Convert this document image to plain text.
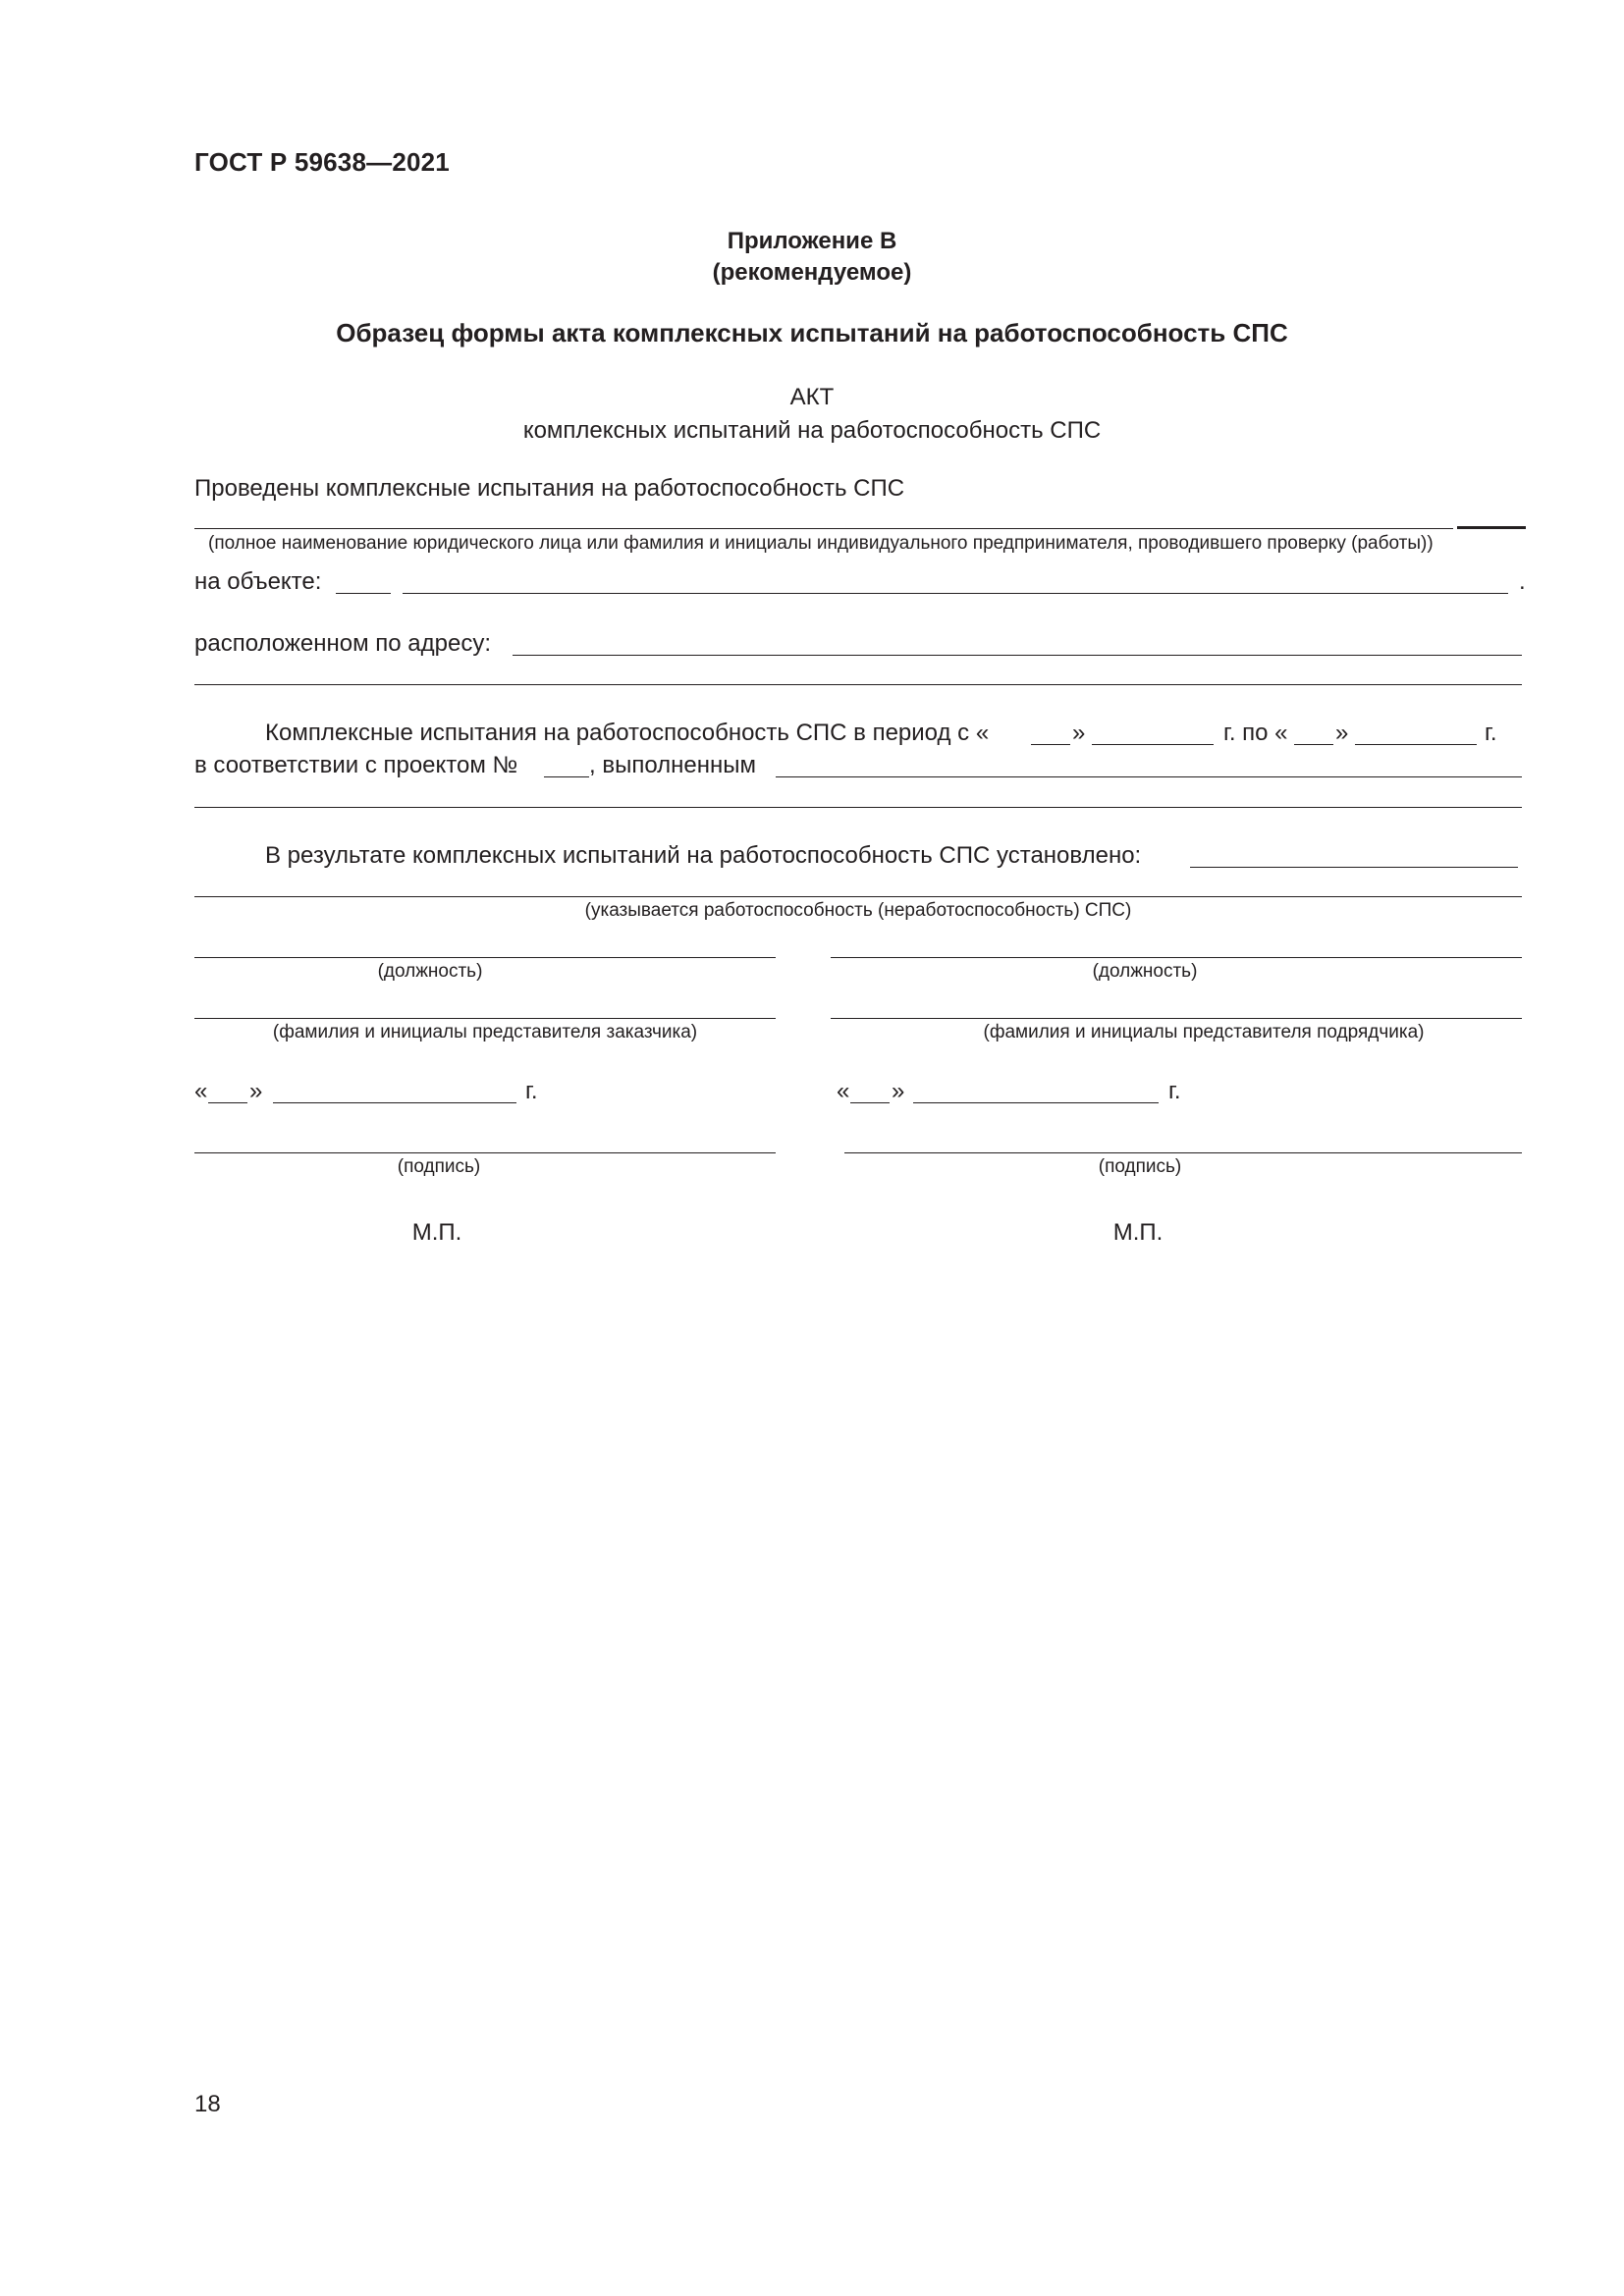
ГОСТ Р 59638—2021
Приложение В
(рекомендуемое)
Образец формы акта комплексных испытаний на работоспособность СПС
АКТ
комплексных испытаний на работоспособность СПС
Проведены комплексные испытания на работоспособность СПС
(полное наименование юридического лица или фамилия и инициалы индивидуального предпринимателя, проводившего проверку (работы))
на объекте:	.
расположенном по адресу:
Комплексные испытания на работоспособность СПС в период с «	»	г. по « »	г.
в соответствии с проектом №	, выполненным
В результате комплексных испытаний на работоспособность СПС установлено:
(указывается работоспособность (неработоспособность) СПС)
(должность)
(фамилия и инициалы представителя заказчика)
« »	г.
(подпись)
М.П.
(должность)
(фамилия и инициалы представителя подрядчика)
« »	г.
(подпись)
М.П.
18
